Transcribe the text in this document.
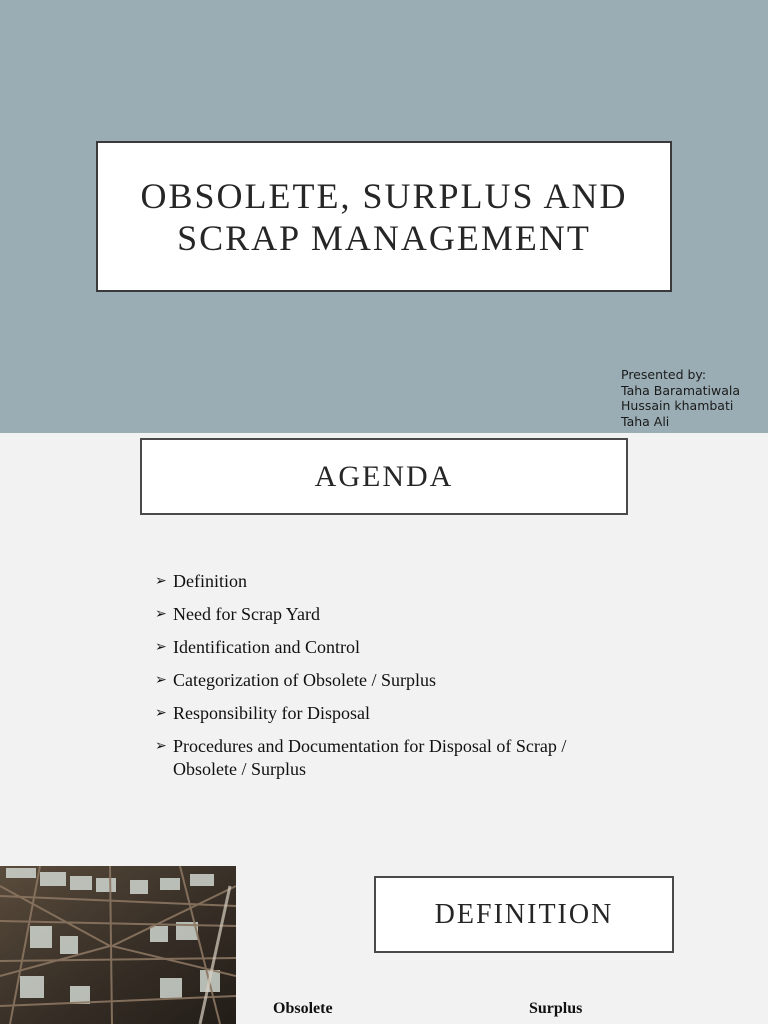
OBSOLETE, SURPLUS AND SCRAP MANAGEMENT
Presented by:
Taha Baramatiwala
Hussain khambati
Taha Ali
AGENDA
➢ Definition
➢ Need for Scrap Yard
➢ Identification and Control
➢ Categorization of Obsolete / Surplus
➢ Responsibility for Disposal
➢ Procedures and Documentation for Disposal of Scrap / Obsolete / Surplus
DEFINITION
Obsolete	Surplus
